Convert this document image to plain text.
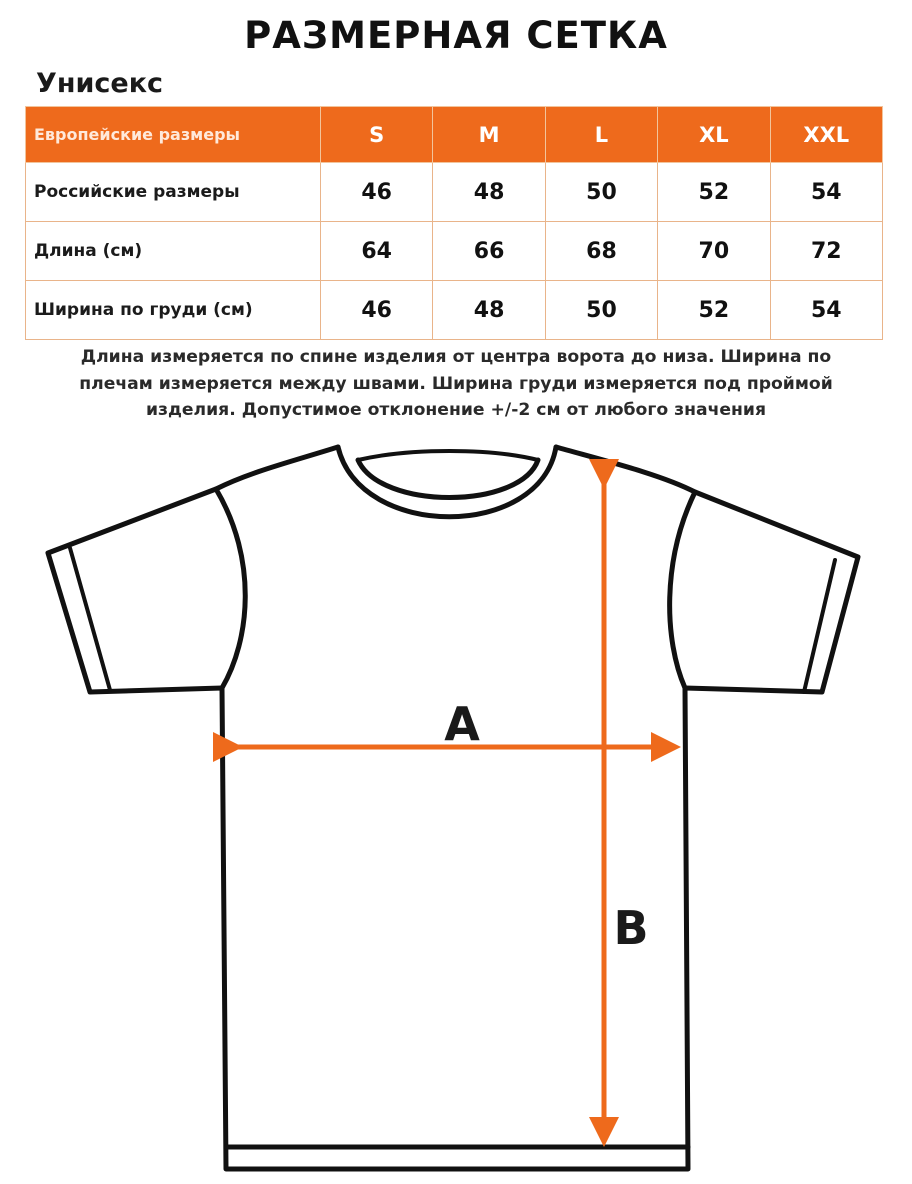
РАЗМЕРНАЯ СЕТКА
Унисекс
Европейские размеры	S	M	L	XL	XXL
Российские размеры	46	48	50	52	54
Длина (см)	64	66	68	70	72
Ширина по груди (см)	46	48	50	52	54
Длина измеряется по спине изделия от центра ворота до низа. Ширина по
плечам измеряется между швами. Ширина груди измеряется под проймой
изделия. Допустимое отклонение +/-2 см от любого значения
A
B
